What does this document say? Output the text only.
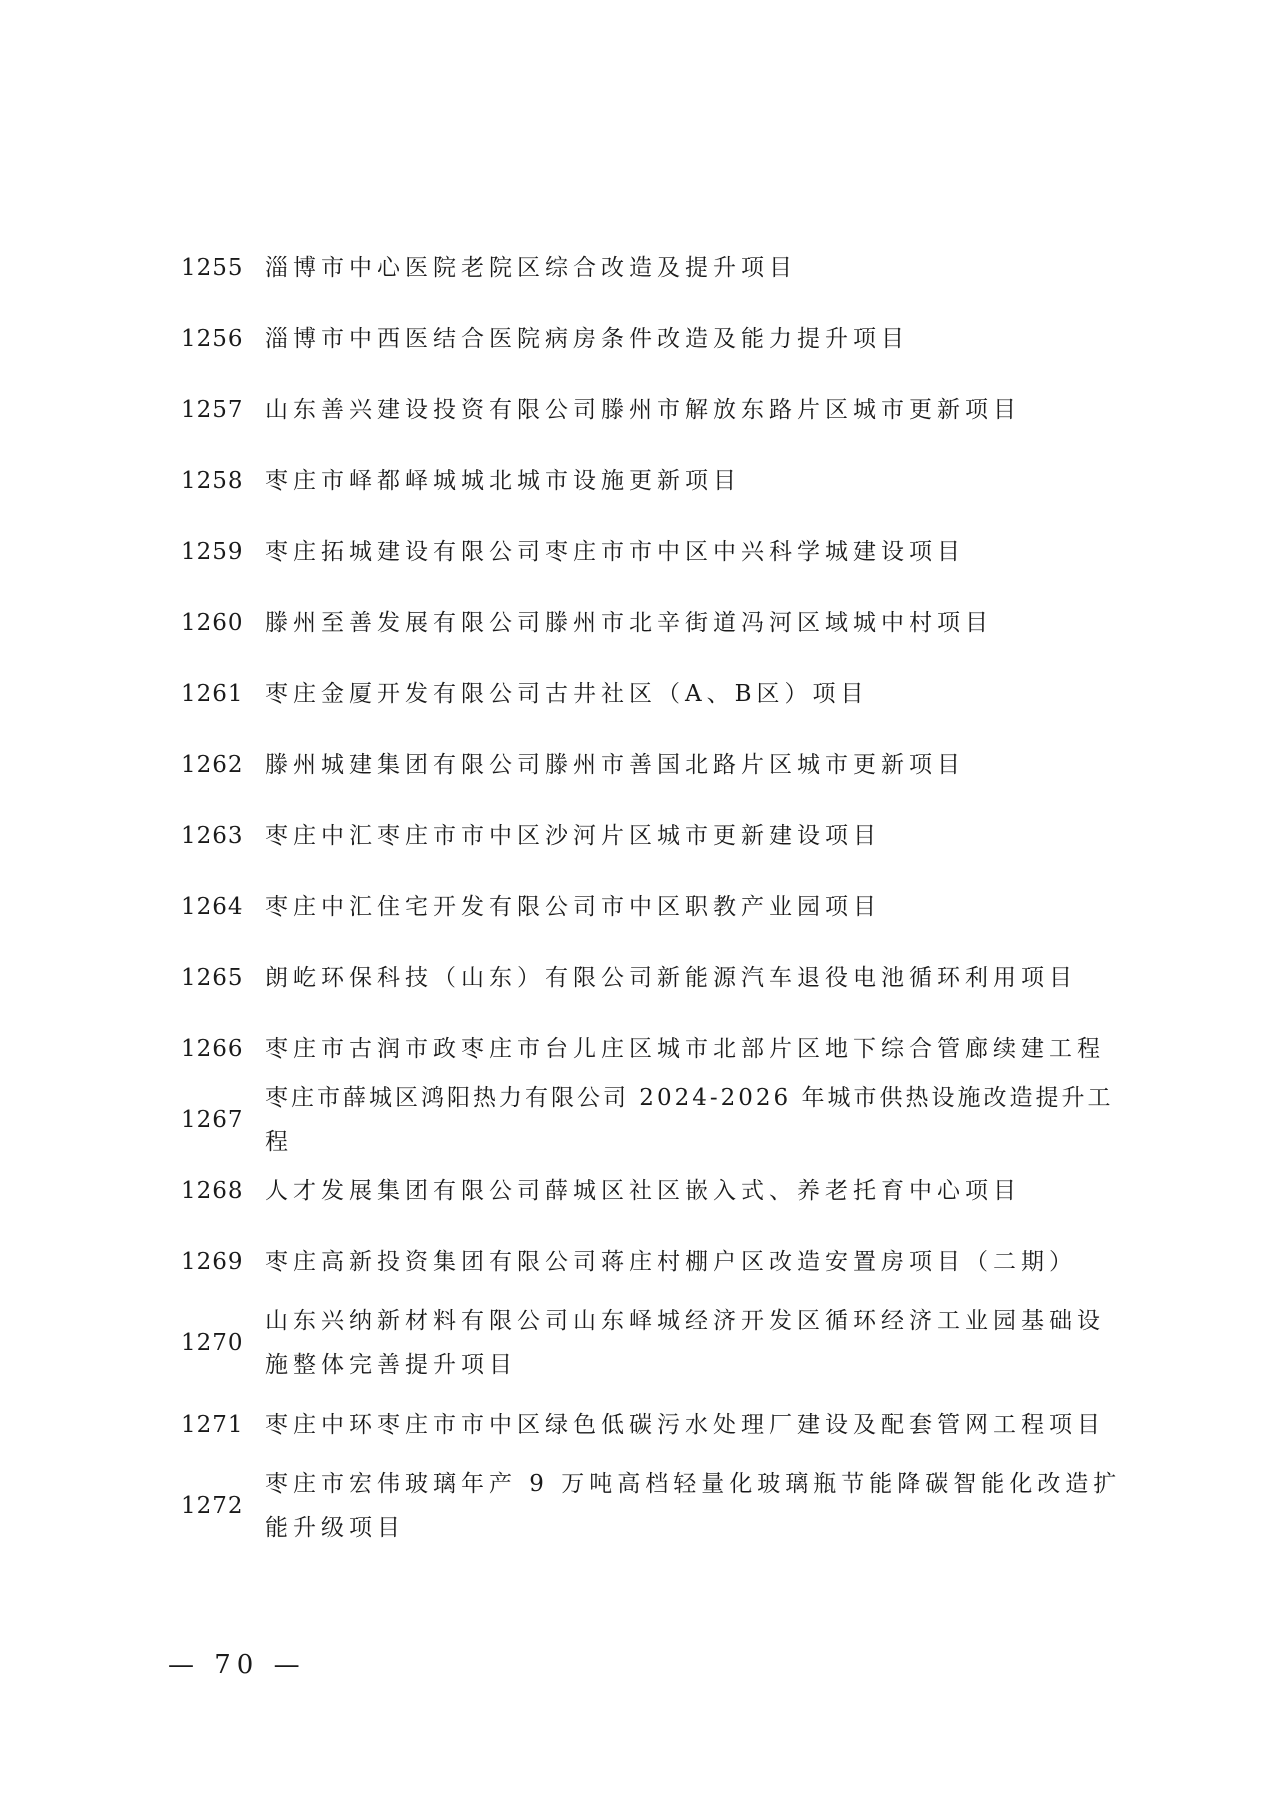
1255 淄博市中心医院老院区综合改造及提升项目
1256 淄博市中西医结合医院病房条件改造及能力提升项目
1257 山东善兴建设投资有限公司滕州市解放东路片区城市更新项目
1258 枣庄市峄都峄城城北城市设施更新项目
1259 枣庄拓城建设有限公司枣庄市市中区中兴科学城建设项目
1260 滕州至善发展有限公司滕州市北辛街道冯河区域城中村项目
1261 枣庄金厦开发有限公司古井社区（A、B区）项目
1262 滕州城建集团有限公司滕州市善国北路片区城市更新项目
1263 枣庄中汇枣庄市市中区沙河片区城市更新建设项目
1264 枣庄中汇住宅开发有限公司市中区职教产业园项目
1265 朗屹环保科技（山东）有限公司新能源汽车退役电池循环利用项目
1266 枣庄市古润市政枣庄市台儿庄区城市北部片区地下综合管廊续建工程
1267
枣庄市薛城区鸿阳热力有限公司 2024-2026 年城市供热设施改造提升工程
1268 人才发展集团有限公司薛城区社区嵌入式、养老托育中心项目
1269 枣庄高新投资集团有限公司蒋庄村棚户区改造安置房项目（二期）
1270
山东兴纳新材料有限公司山东峄城经济开发区循环经济工业园基础设施整体完善提升项目
1271 枣庄中环枣庄市市中区绿色低碳污水处理厂建设及配套管网工程项目
1272
枣庄市宏伟玻璃年产 9 万吨高档轻量化玻璃瓶节能降碳智能化改造扩能升级项目
— 70 —
